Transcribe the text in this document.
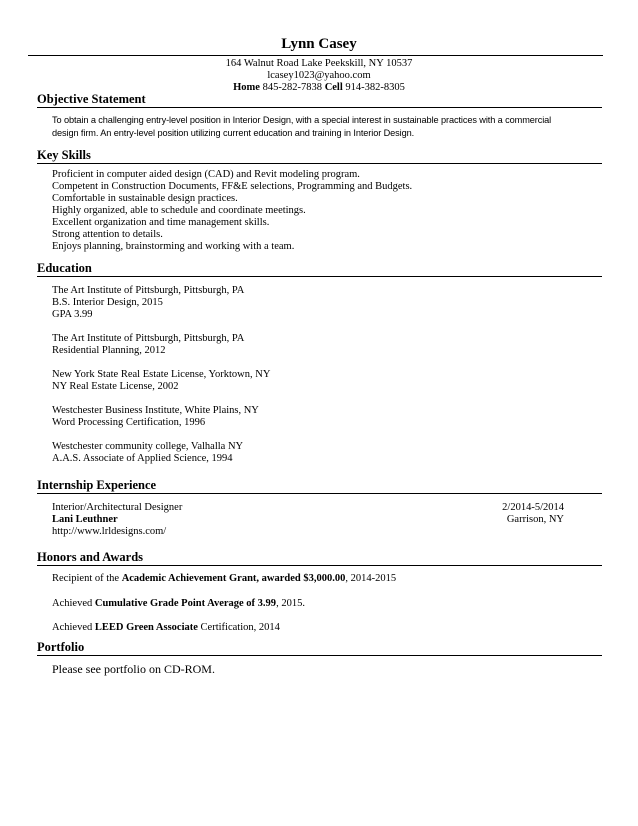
Lynn Casey
164 Walnut Road Lake Peekskill, NY 10537
lcasey1023@yahoo.com
Home 845-282-7838 Cell 914-382-8305
Objective Statement
To obtain a challenging entry-level position in Interior Design, with a special interest in sustainable practices with a commercial
design firm. An entry-level position utilizing current education and training in Interior Design.
Key Skills
Proficient in computer aided design (CAD) and Revit modeling program.
Competent in Construction Documents, FF&E selections, Programming and Budgets.
Comfortable in sustainable design practices.
Highly organized, able to schedule and coordinate meetings.
Excellent organization and time management skills.
Strong attention to details.
Enjoys planning, brainstorming and working with a team.
Education
The Art Institute of Pittsburgh, Pittsburgh, PA
B.S. Interior Design, 2015
GPA 3.99
The Art Institute of Pittsburgh, Pittsburgh, PA
Residential Planning, 2012
New York State Real Estate License, Yorktown, NY
NY Real Estate License, 2002
Westchester Business Institute, White Plains, NY
Word Processing Certification, 1996
Westchester community college, Valhalla NY
A.A.S. Associate of Applied Science, 1994
Internship Experience
Interior/Architectural Designer	2/2014-5/2014
Lani Leuthner	Garrison, NY
http://www.lrldesigns.com/
Honors and Awards
Recipient of the Academic Achievement Grant, awarded $3,000.00, 2014-2015
Achieved Cumulative Grade Point Average of 3.99, 2015.
Achieved LEED Green Associate Certification, 2014
Portfolio
Please see portfolio on CD-ROM.
